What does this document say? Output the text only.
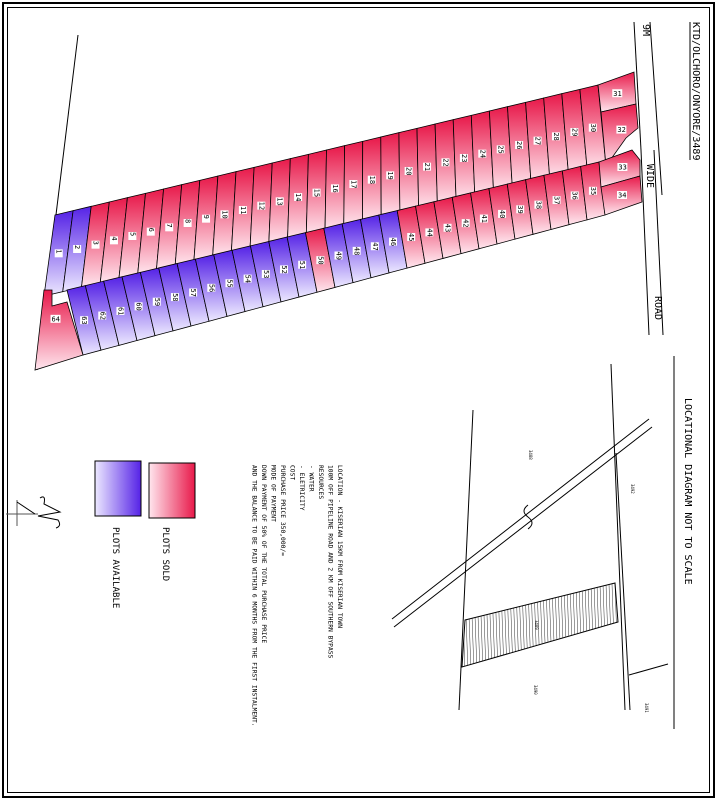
KTD/OLCHORO/ONYORE/3489
9M
WIDE
ROAD
1
2
3
4
5
6
7
8
9 10
11
12
13
14
15
16
17
18
19
20
21
22
23
24
25
26
27
28
29
30
31
32
63
62
61
60
59
58
57
56
55
54
53
52
51
50
49
48
47
46
45
44
43
42
41
40
39
38
37
36
35
33
34
64
LOCATIONAL DIAGRAM NOT TO SCALE
3488
3490
3489
3491
3492
LOCATION - KISERIAN 15KM FROM KISERIAN TOWN
100M OFF PIPELINE ROAD AND 2 KM OFF SOUTHERN BYPASS
RESOURCES
- WATER
- ELETRICITY
COST
PURCHASE PRICE 350,000/=
MODE OF PAYMENT
DOWN PAYMENT OF 50% OF THE TOTAL PURCHASE PRICE
AND THE BALANCE TO BE PAID WITHIN 6 MONTHS FROM THE FIRST INSTALMENT.
PLOTS SOLD
PLOTS AVAILABLE
